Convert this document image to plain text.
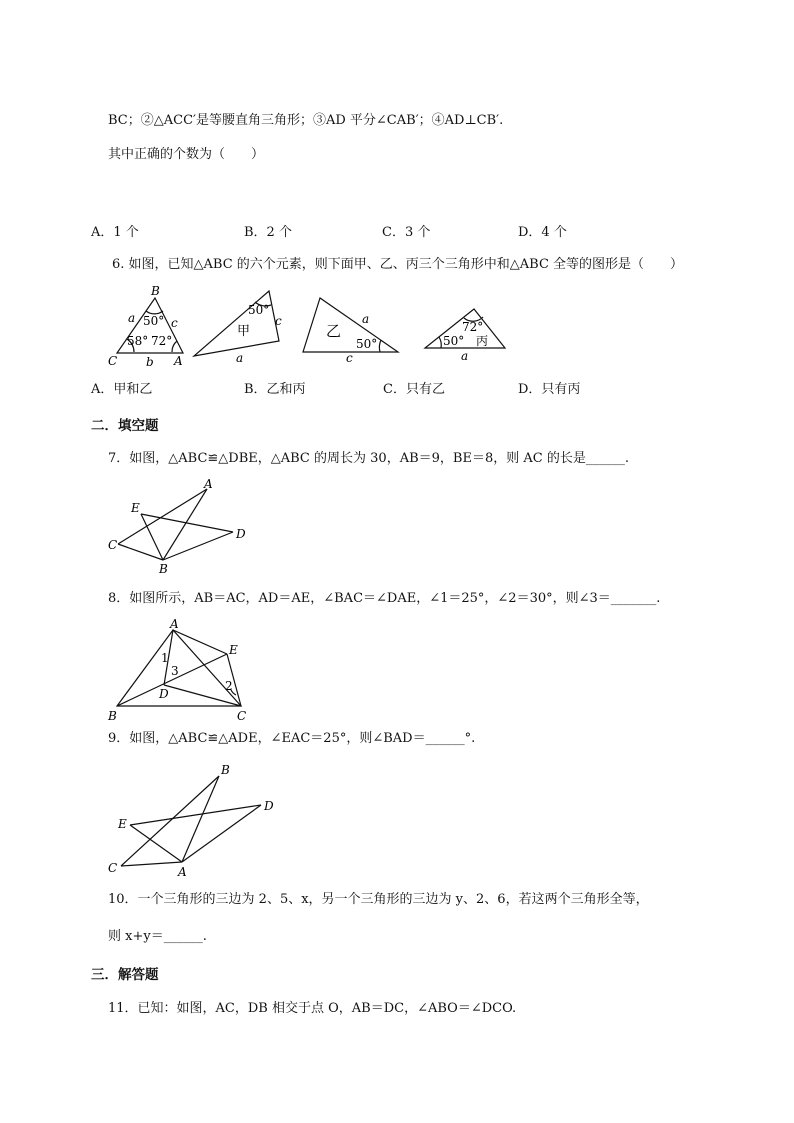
BC；②△ACC′是等腰直角三角形；③AD 平分∠CAB′；④AD⊥CB′.
其中正确的个数为（　　）
A．1 个	B．2 个	C．3 个	D．4 个
6. 如图，已知△ABC 的六个元素，则下面甲、乙、丙三个三角形中和△ABC 全等的图形是（　　）
B
C	A
a
b
c
50°
58° 72°
甲
50°
c
a
乙
a
50°
c
72°
50° 丙
a
A．甲和乙	B．乙和丙	C．只有乙	D．只有丙
二．填空题
7．如图，△ABC≌△DBE，△ABC 的周长为 30，AB＝9，BE＝8，则 AC 的长是______.
A
E
C
D
B
8．如图所示，AB＝AC，AD＝AE，∠BAC＝∠DAE，∠1＝25°，∠2＝30°，则∠3＝_______.
A
E
D
B	C
1
2
3
9．如图，△ABC≌△ADE，∠EAC＝25°，则∠BAD＝______°.
B
D
E
C	A
10．一个三角形的三边为 2、5、x，另一个三角形的三边为 y、2、6，若这两个三角形全等，
则 x+y＝______.
三．解答题
11．已知：如图，AC，DB 相交于点 O，AB＝DC，∠ABO＝∠DCO.
